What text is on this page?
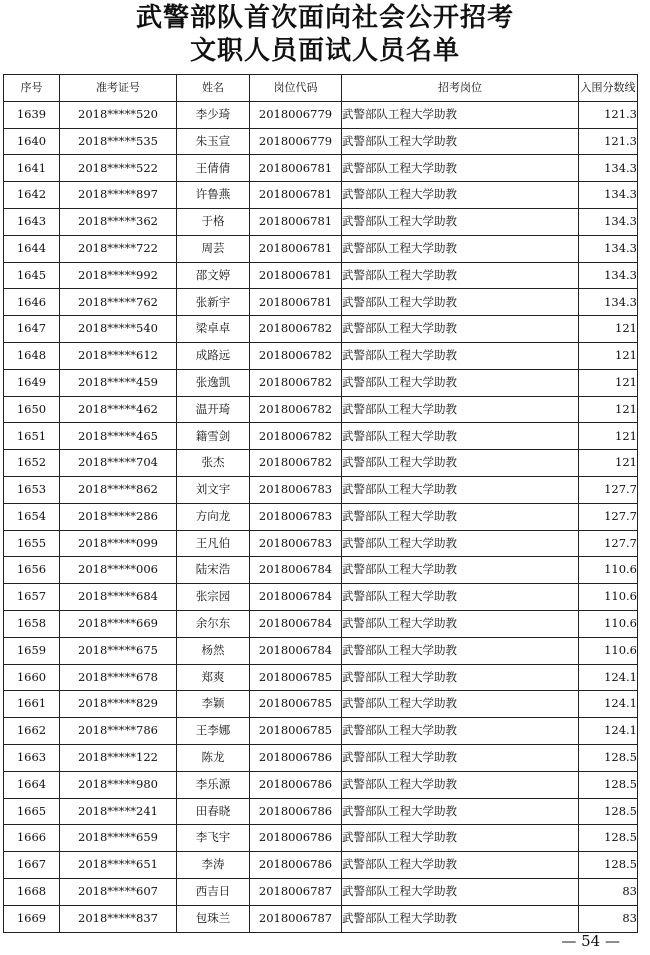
武警部队首次面向社会公开招考
文职人员面试人员名单
序号	准考证号	姓名	岗位代码	招考岗位	入围分数线
1639	2018*****520	李少琦	2018006779	武警部队工程大学助教	121.3
1640	2018*****535	朱玉宣	2018006779	武警部队工程大学助教	121.3
1641	2018*****522	王倩倩	2018006781	武警部队工程大学助教	134.3
1642	2018*****897	许鲁燕	2018006781	武警部队工程大学助教	134.3
1643	2018*****362	于格	2018006781	武警部队工程大学助教	134.3
1644	2018*****722	周芸	2018006781	武警部队工程大学助教	134.3
1645	2018*****992	邵文婷	2018006781	武警部队工程大学助教	134.3
1646	2018*****762	张新宇	2018006781	武警部队工程大学助教	134.3
1647	2018*****540	梁卓卓	2018006782	武警部队工程大学助教	121
1648	2018*****612	成路远	2018006782	武警部队工程大学助教	121
1649	2018*****459	张逸凯	2018006782	武警部队工程大学助教	121
1650	2018*****462	温开琦	2018006782	武警部队工程大学助教	121
1651	2018*****465	籍雪剑	2018006782	武警部队工程大学助教	121
1652	2018*****704	张杰	2018006782	武警部队工程大学助教	121
1653	2018*****862	刘文宇	2018006783	武警部队工程大学助教	127.7
1654	2018*****286	方向龙	2018006783	武警部队工程大学助教	127.7
1655	2018*****099	王凡伯	2018006783	武警部队工程大学助教	127.7
1656	2018*****006	陆宋浩	2018006784	武警部队工程大学助教	110.6
1657	2018*****684	张宗园	2018006784	武警部队工程大学助教	110.6
1658	2018*****669	余尔东	2018006784	武警部队工程大学助教	110.6
1659	2018*****675	杨然	2018006784	武警部队工程大学助教	110.6
1660	2018*****678	郑爽	2018006785	武警部队工程大学助教	124.1
1661	2018*****829	李颖	2018006785	武警部队工程大学助教	124.1
1662	2018*****786	王李娜	2018006785	武警部队工程大学助教	124.1
1663	2018*****122	陈龙	2018006786	武警部队工程大学助教	128.5
1664	2018*****980	李乐源	2018006786	武警部队工程大学助教	128.5
1665	2018*****241	田春晓	2018006786	武警部队工程大学助教	128.5
1666	2018*****659	李飞宇	2018006786	武警部队工程大学助教	128.5
1667	2018*****651	李涛	2018006786	武警部队工程大学助教	128.5
1668	2018*****607	西吉日	2018006787	武警部队工程大学助教	83
1669	2018*****837	包珠兰	2018006787	武警部队工程大学助教	83
— 54 —
